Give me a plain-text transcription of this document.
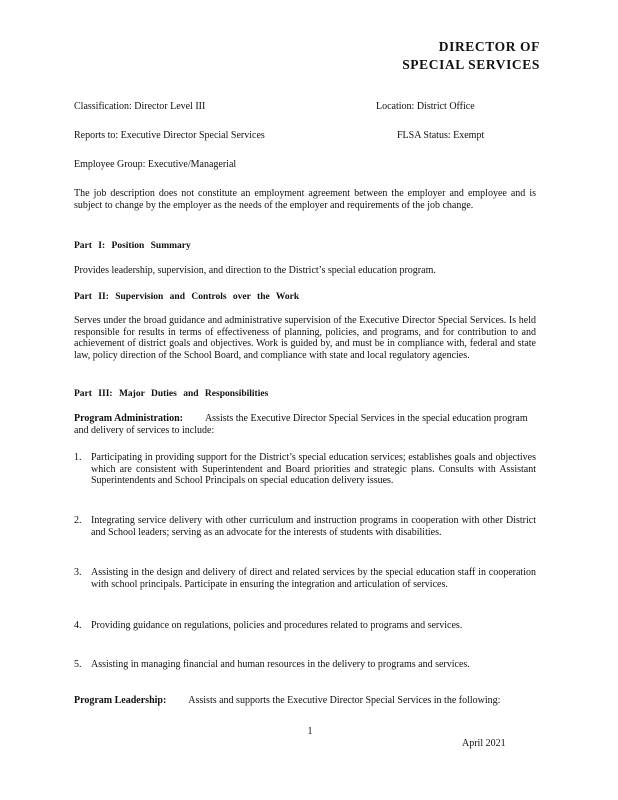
DIRECTOR OF
SPECIAL SERVICES
Classification: Director Level III	Location: District Office
Reports to: Executive Director Special Services	FLSA Status: Exempt
Employee Group: Executive/Managerial
The job description does not constitute an employment agreement between the employer and employee and is subject to change by the employer as the needs of the employer and requirements of the job change.
Part I: Position Summary
Provides leadership, supervision, and direction to the District’s special education program.
Part II: Supervision and Controls over the Work
Serves under the broad guidance and administrative supervision of the Executive Director Special Services. Is held responsible for results in terms of effectiveness of planning, policies, and programs, and for contribution to and achievement of district goals and objectives. Work is guided by, and must be in compliance with, federal and state law, policy direction of the School Board, and compliance with state and local regulatory agencies.
Part III: Major Duties and Responsibilities
Program Administration: Assists the Executive Director Special Services in the special education program and delivery of services to include:
1. Participating in providing support for the District’s special education services; establishes goals and objectives which are consistent with Superintendent and Board priorities and strategic plans. Consults with Assistant Superintendents and School Principals on special education delivery issues.
2. Integrating service delivery with other curriculum and instruction programs in cooperation with other District and School leaders; serving as an advocate for the interests of students with disabilities.
3. Assisting in the design and delivery of direct and related services by the special education staff in cooperation with school principals. Participate in ensuring the integration and articulation of services.
4. Providing guidance on regulations, policies and procedures related to programs and services.
5. Assisting in managing financial and human resources in the delivery to programs and services.
Program Leadership: Assists and supports the Executive Director Special Services in the following:
1
April 2021
